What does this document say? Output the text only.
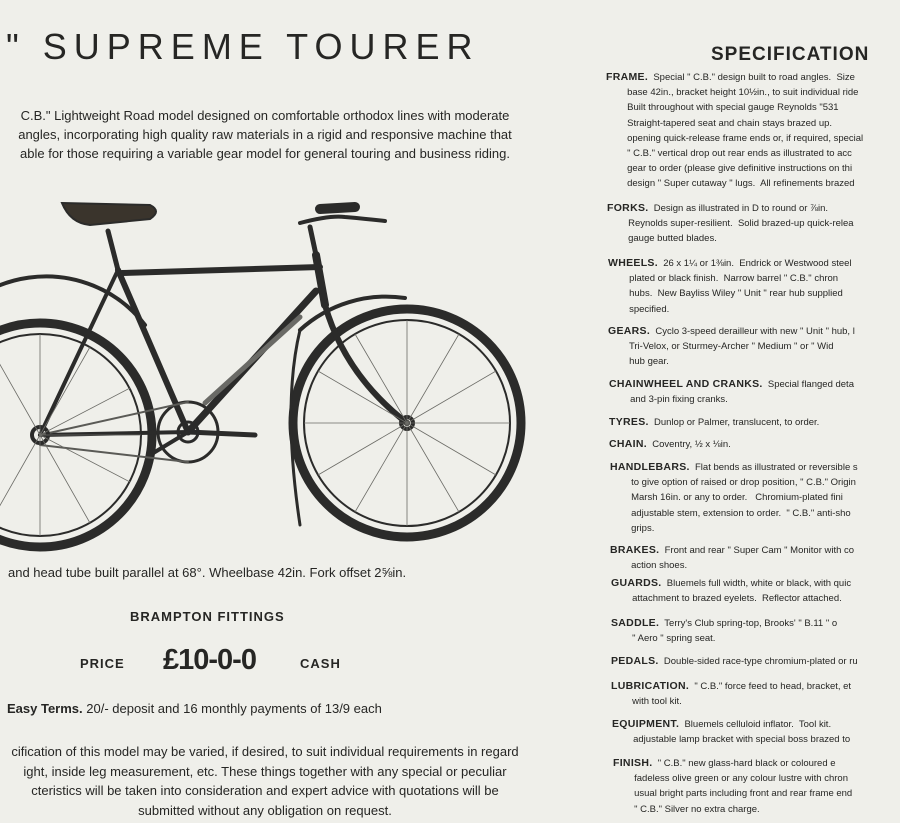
" SUPREME TOURER
C.B." Lightweight Road model designed on comfortable orthodox lines with moderate
angles, incorporating high quality raw materials in a rigid and responsive machine that
able for those requiring a variable gear model for general touring and business riding.
and head tube built parallel at 68°. Wheelbase 42in. Fork offset 2⅝in.
BRAMPTON FITTINGS
PRICE £10-0-0	CASH
Easy Terms. 20/- deposit and 16 monthly payments of 13/9 each
cification of this model may be varied, if desired, to suit individual requirements in regard
ight, inside leg measurement, etc. These things together with any special or peculiar
cteristics will be taken into consideration and expert advice with quotations will be
submitted without any obligation on request.
SPECIFICATION
FRAME.  Special " C.B." design built to road angles.  Size
base 42in., bracket height 10½in., to suit individual ride
Built throughout with special gauge Reynolds "531
Straight-tapered seat and chain stays brazed up.
opening quick-release frame ends or, if required, special
" C.B." vertical drop out rear ends as illustrated to acc
gear to order (please give definitive instructions on thi
design " Super cutaway " lugs.  All refinements brazed
FORKS.  Design as illustrated in D to round or ⅞in.
Reynolds super-resilient.  Solid brazed-up quick-relea
gauge butted blades.
WHEELS.  26 x 1¼ or 1⅜in.  Endrick or Westwood steel
plated or black finish.  Narrow barrel " C.B." chron
hubs.  New Bayliss Wiley " Unit " rear hub supplied
specified.
GEARS.  Cyclo 3-speed derailleur with new " Unit " hub, l
Tri-Velox, or Sturmey-Archer " Medium " or " Wid
hub gear.
CHAINWHEEL AND CRANKS.  Special flanged deta
and 3-pin fixing cranks.
TYRES.  Dunlop or Palmer, translucent, to order.
CHAIN.  Coventry, ½ x ⅛in.
HANDLEBARS.  Flat bends as illustrated or reversible s
to give option of raised or drop position, " C.B." Origin
Marsh 16in. or any to order.   Chromium-plated fini
adjustable stem, extension to order.  " C.B." anti-sho
grips.
BRAKES.  Front and rear " Super Cam " Monitor with co
action shoes.
GUARDS.  Bluemels full width, white or black, with quic
attachment to brazed eyelets.  Reflector attached.
SADDLE.  Terry's Club spring-top, Brooks' " B.11 " o
" Aero " spring seat.
PEDALS.  Double-sided race-type chromium-plated or ru
LUBRICATION.  " C.B." force feed to head, bracket, et
with tool kit.
EQUIPMENT.  Bluemels celluloid inflator.  Tool kit.
adjustable lamp bracket with special boss brazed to
FINISH.  " C.B." new glass-hard black or coloured e
fadeless olive green or any colour lustre with chron
usual bright parts including front and rear frame end
" C.B." Silver no extra charge.
